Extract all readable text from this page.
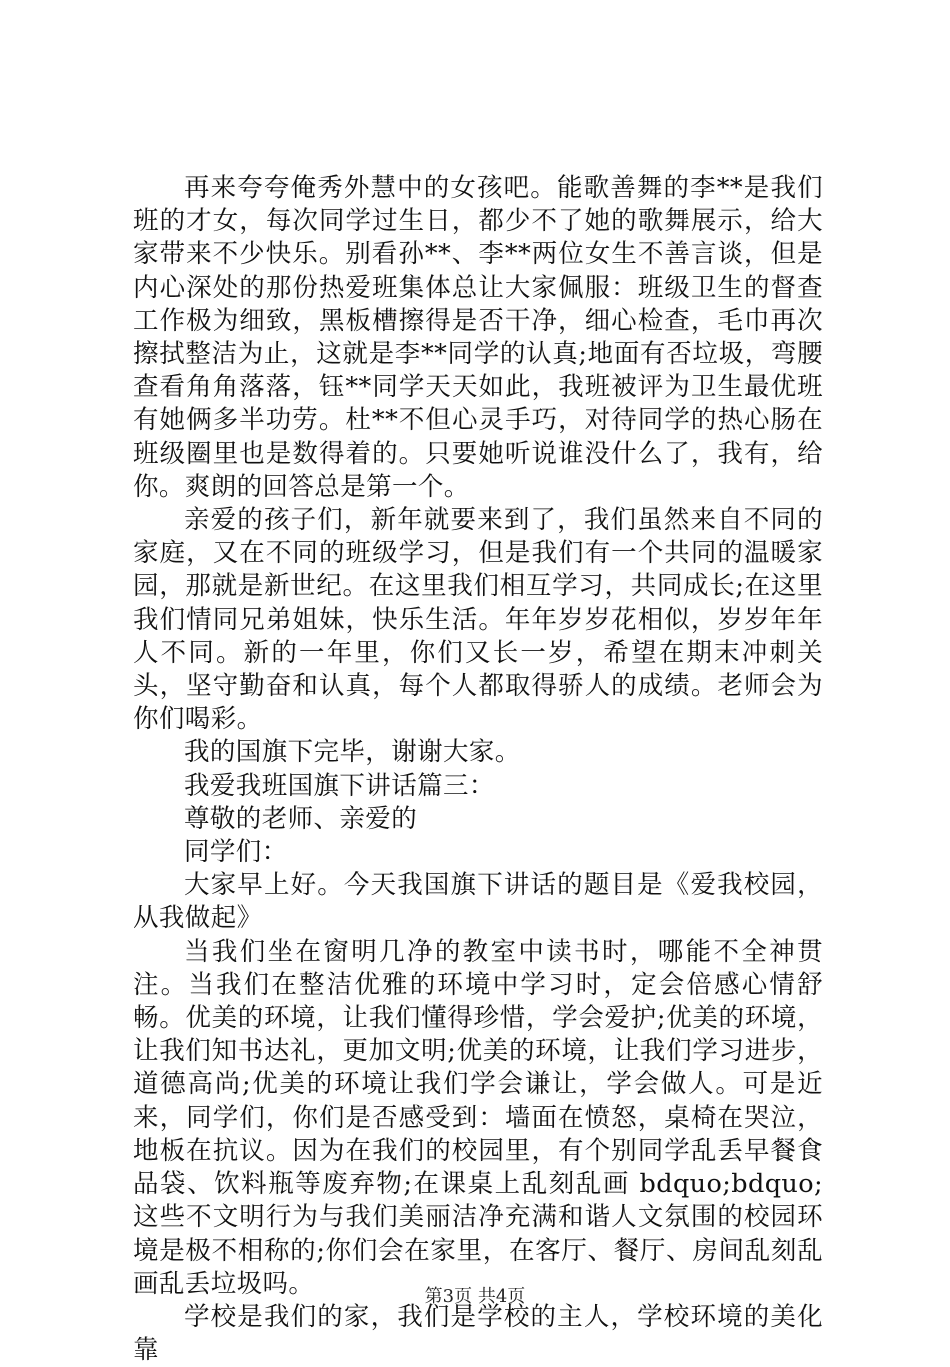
再来夸夸俺秀外慧中的女孩吧。能歌善舞的李**是我们班的才女，每次同学过生日，都少不了她的歌舞展示，给大家带来不少快乐。别看孙**、李**两位女生不善言谈，但是内心深处的那份热爱班集体总让大家佩服：班级卫生的督查工作极为细致，黑板槽擦得是否干净，细心检查，毛巾再次擦拭整洁为止，这就是李**同学的认真;地面有否垃圾，弯腰查看角角落落，钰**同学天天如此，我班被评为卫生最优班有她俩多半功劳。杜**不但心灵手巧，对待同学的热心肠在班级圈里也是数得着的。只要她听说谁没什么了，我有，给你。爽朗的回答总是第一个。

亲爱的孩子们，新年就要来到了，我们虽然来自不同的家庭，又在不同的班级学习，但是我们有一个共同的温暖家园，那就是新世纪。在这里我们相互学习，共同成长;在这里我们情同兄弟姐妹，快乐生活。年年岁岁花相似，岁岁年年人不同。新的一年里，你们又长一岁，希望在期末冲刺关头，坚守勤奋和认真，每个人都取得骄人的成绩。老师会为你们喝彩。

我的国旗下完毕，谢谢大家。

我爱我班国旗下讲话篇三：

尊敬的老师、亲爱的

同学们：

大家早上好。今天我国旗下讲话的题目是《爱我校园，从我做起》

当我们坐在窗明几净的教室中读书时，哪能不全神贯注。当我们在整洁优雅的环境中学习时，定会倍感心情舒畅。优美的环境，让我们懂得珍惜，学会爱护;优美的环境，让我们知书达礼，更加文明;优美的环境，让我们学习进步，道德高尚;优美的环境让我们学会谦让，学会做人。可是近来，同学们，你们是否感受到：墙面在愤怒，桌椅在哭泣，地板在抗议。因为在我们的校园里，有个别同学乱丢早餐食品袋、饮料瓶等废弃物;在课桌上乱刻乱画 bdquo;bdquo;这些不文明行为与我们美丽洁净充满和谐人文氛围的校园环境是极不相称的;你们会在家里，在客厅、餐厅、房间乱刻乱画乱丢垃圾吗。

学校是我们的家，我们是学校的主人，学校环境的美化靠

第3页 共4页
